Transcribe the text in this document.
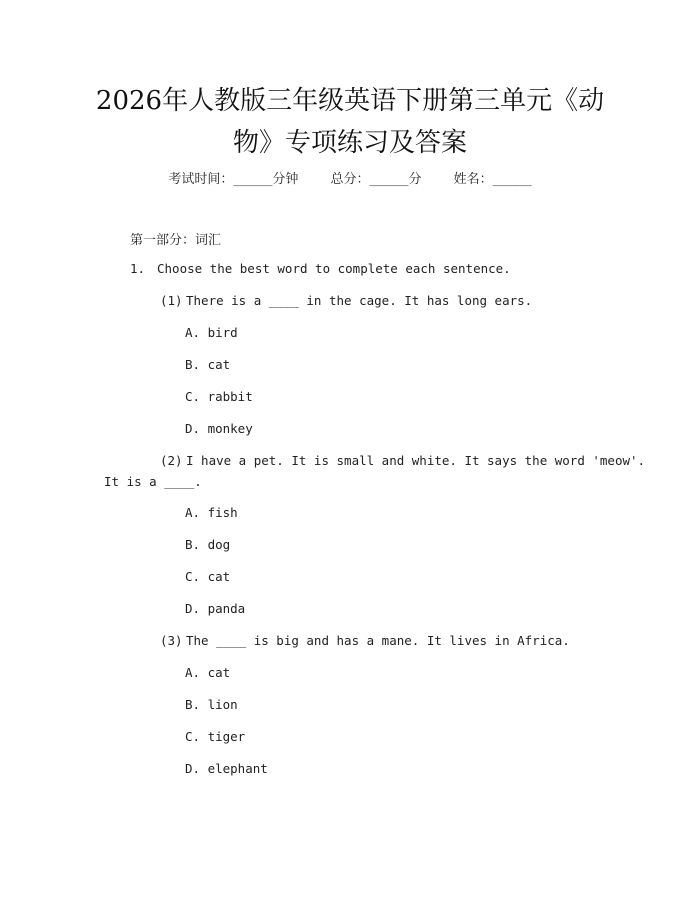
2026年人教版三年级英语下册第三单元《动物》专项练习及答案
考试时间：______分钟 总分：______分 姓名：______
第一部分：词汇
1. Choose the best word to complete each sentence.
(1) There is a ____ in the cage. It has long ears.
A. bird
B. cat
C. rabbit
D. monkey
(2) I have a pet. It is small and white. It says the word 'meow'.
It is a ____.
A. fish
B. dog
C. cat
D. panda
(3) The ____ is big and has a mane. It lives in Africa.
A. cat
B. lion
C. tiger
D. elephant
